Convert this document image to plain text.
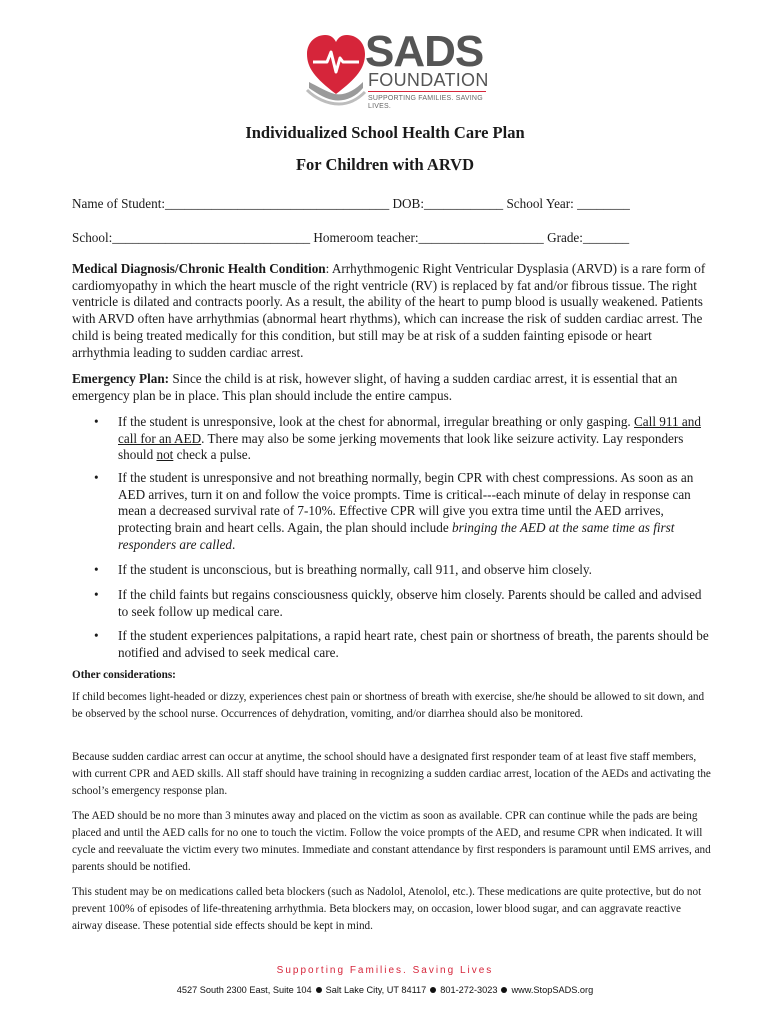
SADS
FOUNDATION
SUPPORTING FAMILIES. SAVING LIVES.
Individualized School Health Care Plan
For Children with ARVD
Name of Student:__________________________________ DOB:____________ School Year: ________
School:______________________________ Homeroom teacher:___________________ Grade:_______
Medical Diagnosis/Chronic Health Condition: Arrhythmogenic Right Ventricular Dysplasia (ARVD) is a rare form of cardiomyopathy in which the heart muscle of the right ventricle (RV) is replaced by fat and/or fibrous tissue. The right ventricle is dilated and contracts poorly. As a result, the ability of the heart to pump blood is usually weakened. Patients with ARVD often have arrhythmias (abnormal heart rhythms), which can increase the risk of sudden cardiac arrest. The child is being treated medically for this condition, but still may be at risk of a sudden fainting episode or heart arrhythmia leading to sudden cardiac arrest.
Emergency Plan: Since the child is at risk, however slight, of having a sudden cardiac arrest, it is essential that an emergency plan be in place. This plan should include the entire campus.
• If the student is unresponsive, look at the chest for abnormal, irregular breathing or only gasping. Call 911 and call for an AED. There may also be some jerking movements that look like seizure activity. Lay responders should not check a pulse.
• If the student is unresponsive and not breathing normally, begin CPR with chest compressions. As soon as an AED arrives, turn it on and follow the voice prompts. Time is critical---each minute of delay in response can mean a decreased survival rate of 7-10%. Effective CPR will give you extra time until the AED arrives, protecting brain and heart cells. Again, the plan should include bringing the AED at the same time as first responders are called.
• If the student is unconscious, but is breathing normally, call 911, and observe him closely.
• If the child faints but regains consciousness quickly, observe him closely. Parents should be called and advised to seek follow up medical care.
• If the student experiences palpitations, a rapid heart rate, chest pain or shortness of breath, the parents should be notified and advised to seek medical care.
Other considerations:
If child becomes light-headed or dizzy, experiences chest pain or shortness of breath with exercise, she/he should be allowed to sit down, and be observed by the school nurse. Occurrences of dehydration, vomiting, and/or diarrhea should also be monitored.
Because sudden cardiac arrest can occur at anytime, the school should have a designated first responder team of at least five staff members, with current CPR and AED skills. All staff should have training in recognizing a sudden cardiac arrest, location of the AEDs and activating the school’s emergency response plan.
The AED should be no more than 3 minutes away and placed on the victim as soon as available. CPR can continue while the pads are being placed and until the AED calls for no one to touch the victim. Follow the voice prompts of the AED, and resume CPR when indicated. It will cycle and reevaluate the victim every two minutes. Immediate and constant attendance by first responders is paramount until EMS arrives, and parents should be notified.
This student may be on medications called beta blockers (such as Nadolol, Atenolol, etc.). These medications are quite protective, but do not prevent 100% of episodes of life-threatening arrhythmia. Beta blockers may, on occasion, lower blood sugar, and can aggravate reactive airway disease. These potential side effects should be kept in mind.
Supporting Families. Saving Lives
4527 South 2300 East, Suite 104 Salt Lake City, UT 84117 801-272-3023 www.StopSADS.org
